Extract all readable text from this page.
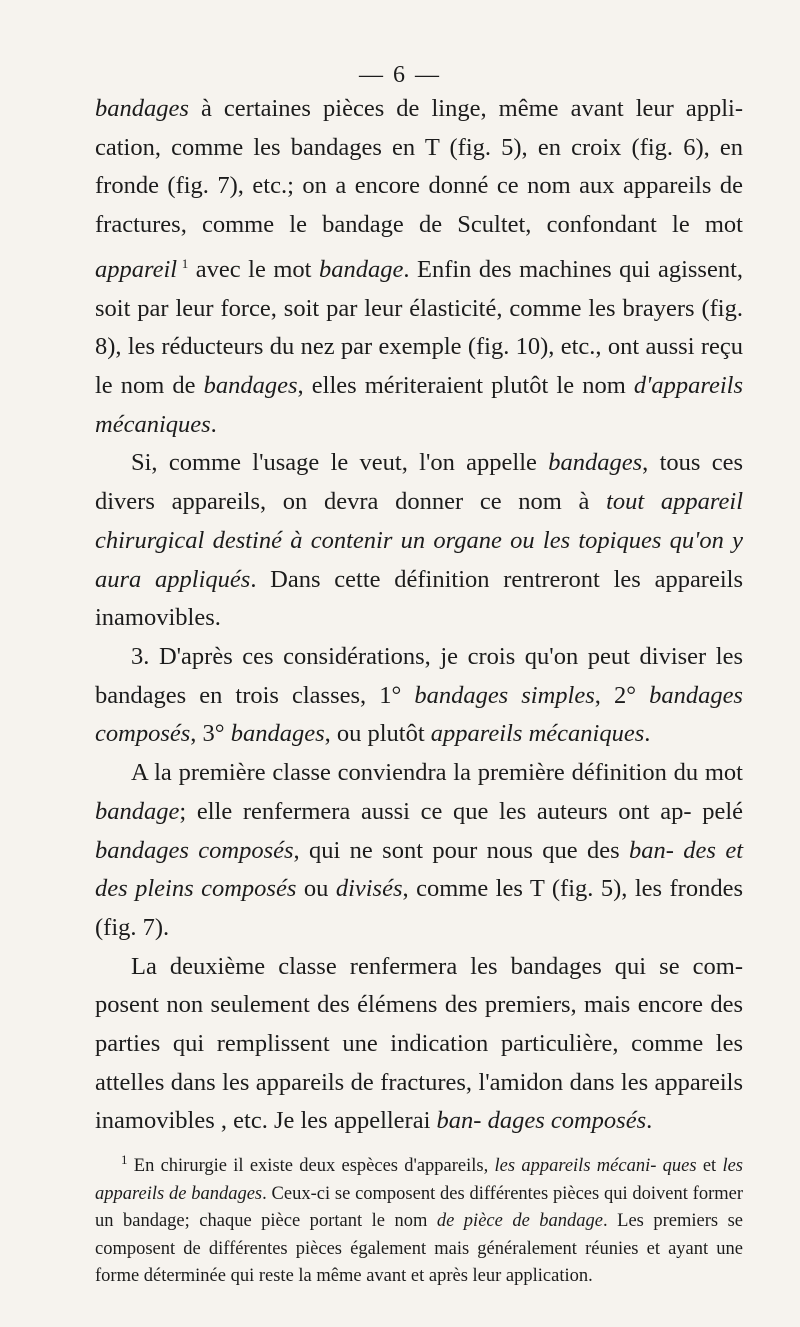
— 6 —

bandages à certaines pièces de linge, même avant leur appli- cation, comme les bandages en T (fig. 5), en croix (fig. 6), en fronde (fig. 7), etc.; on a encore donné ce nom aux appareils de fractures, comme le bandage de Scultet, confondant le mot appareil $^1$ avec le mot bandage. Enfin des machines qui agissent, soit par leur force, soit par leur élasticité, comme les brayers (fig. 8), les réducteurs du nez par exemple (fig. 10), etc., ont aussi reçu le nom de bandages, elles mériteraient plutôt le nom d'appareils mécaniques.

Si, comme l'usage le veut, l'on appelle bandages, tous ces divers appareils, on devra donner ce nom à tout appareil chirurgical destiné à contenir un organe ou les topiques qu'on y aura appliqués. Dans cette définition rentreront les appareils inamovibles.

3. D'après ces considérations, je crois qu'on peut diviser les bandages en trois classes, 1° bandages simples, 2° bandages composés, 3° bandages, ou plutôt appareils mécaniques.

A la première classe conviendra la première définition du mot bandage; elle renfermera aussi ce que les auteurs ont ap- pelé bandages composés, qui ne sont pour nous que des ban- des et des pleins composés ou divisés, comme les T (fig. 5), les frondes (fig. 7).

La deuxième classe renfermera les bandages qui se com- posent non seulement des élémens des premiers, mais encore des parties qui remplissent une indication particulière, comme les attelles dans les appareils de fractures, l'amidon dans les appareils inamovibles , etc. Je les appellerai ban- dages composés.

$^1$ En chirurgie il existe deux espèces d'appareils, les appareils mécani- ques et les appareils de bandages. Ceux-ci se composent des différentes pièces qui doivent former un bandage; chaque pièce portant le nom de pièce de bandage. Les premiers se composent de différentes pièces également mais généralement réunies et ayant une forme déterminée qui reste la même avant et après leur application.
